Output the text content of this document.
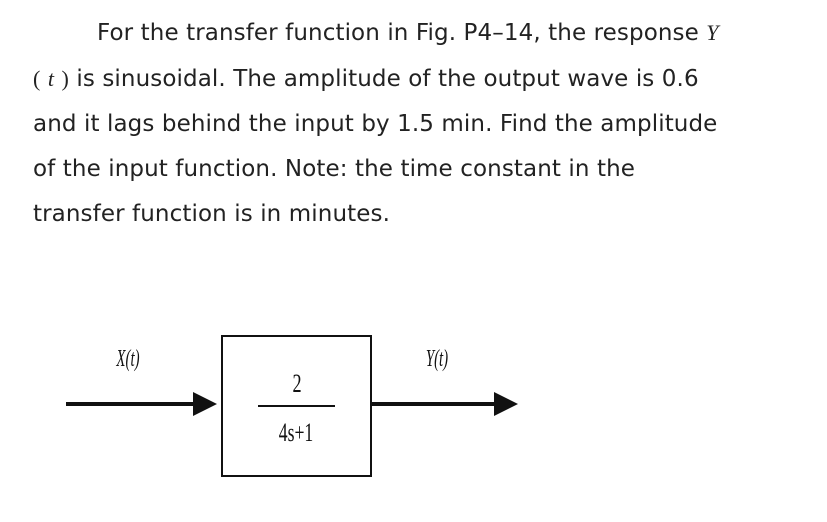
For the transfer function in Fig. P4–14, the response Y
( t ) is sinusoidal. The amplitude of the output wave is 0.6
and it lags behind the input by 1.5 min. Find the amplitude
of the input function. Note: the time constant in the
transfer function is in minutes.
X(t)
2
4s+1
Y(t)
